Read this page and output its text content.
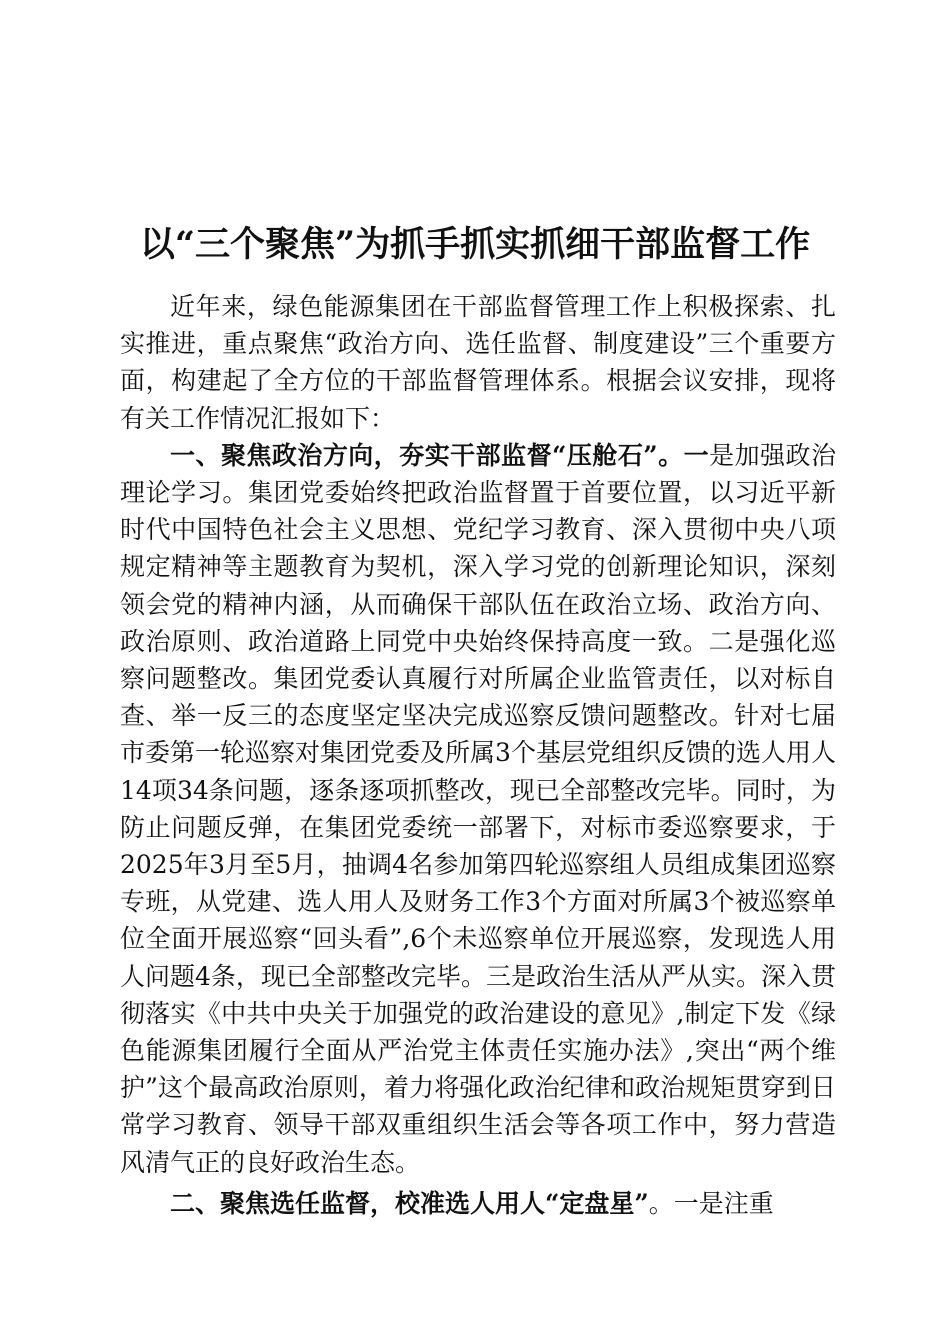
以“三个聚焦”为抓手抓实抓细干部监督工作

近年来，绿色能源集团在干部监督管理工作上积极探索、扎实推进，重点聚焦“政治方向、选任监督、制度建设”三个重要方面，构建起了全方位的干部监督管理体系。根据会议安排，现将有关工作情况汇报如下：

一、聚焦政治方向，夯实干部监督“压舱石”。一是加强政治理论学习。集团党委始终把政治监督置于首要位置，以习近平新时代中国特色社会主义思想、党纪学习教育、深入贯彻中央八项规定精神等主题教育为契机，深入学习党的创新理论知识，深刻领会党的精神内涵，从而确保干部队伍在政治立场、政治方向、政治原则、政治道路上同党中央始终保持高度一致。二是强化巡察问题整改。集团党委认真履行对所属企业监管责任，以对标自查、举一反三的态度坚定坚决完成巡察反馈问题整改。针对七届市委第一轮巡察对集团党委及所属3个基层党组织反馈的选人用人14项34条问题，逐条逐项抓整改，现已全部整改完毕。同时，为防止问题反弹，在集团党委统一部署下，对标市委巡察要求，于2025年3月至5月，抽调4名参加第四轮巡察组人员组成集团巡察专班，从党建、选人用人及财务工作3个方面对所属3个被巡察单位全面开展巡察“回头看”,6个未巡察单位开展巡察，发现选人用人问题4条，现已全部整改完毕。三是政治生活从严从实。深入贯彻落实《中共中央关于加强党的政治建设的意见》,制定下发《绿色能源集团履行全面从严治党主体责任实施办法》,突出“两个维护”这个最高政治原则，着力将强化政治纪律和政治规矩贯穿到日常学习教育、领导干部双重组织生活会等各项工作中，努力营造风清气正的良好政治生态。

二、聚焦选任监督，校准选人用人“定盘星”。一是注重
